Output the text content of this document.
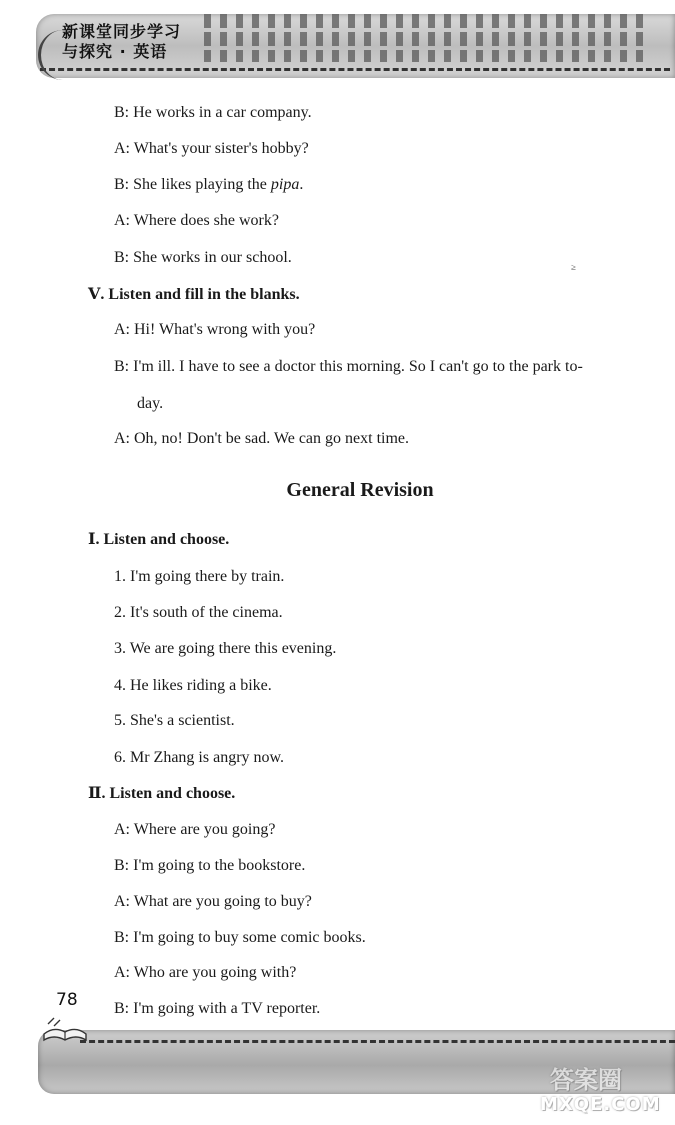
新课堂同步学习
与探究 · 英语
B: He works in a car company.
A: What's your sister's hobby?
B: She likes playing the pipa.
A: Where does she work?
B: She works in our school.
≥
Ⅴ. Listen and fill in the blanks.
A: Hi! What's wrong with you?
B: I'm ill. I have to see a doctor this morning. So I can't go to the park to-
day.
A: Oh, no! Don't be sad. We can go next time.
General Revision
Ⅰ. Listen and choose.
1. I'm going there by train.
2. It's south of the cinema.
3. We are going there this evening.
4. He likes riding a bike.
5. She's a scientist.
6. Mr Zhang is angry now.
Ⅱ. Listen and choose.
A: Where are you going?
B: I'm going to the bookstore.
A: What are you going to buy?
B: I'm going to buy some comic books.
A: Who are you going with?
B: I'm going with a TV reporter.
78
答案圈
MXQE.COM
